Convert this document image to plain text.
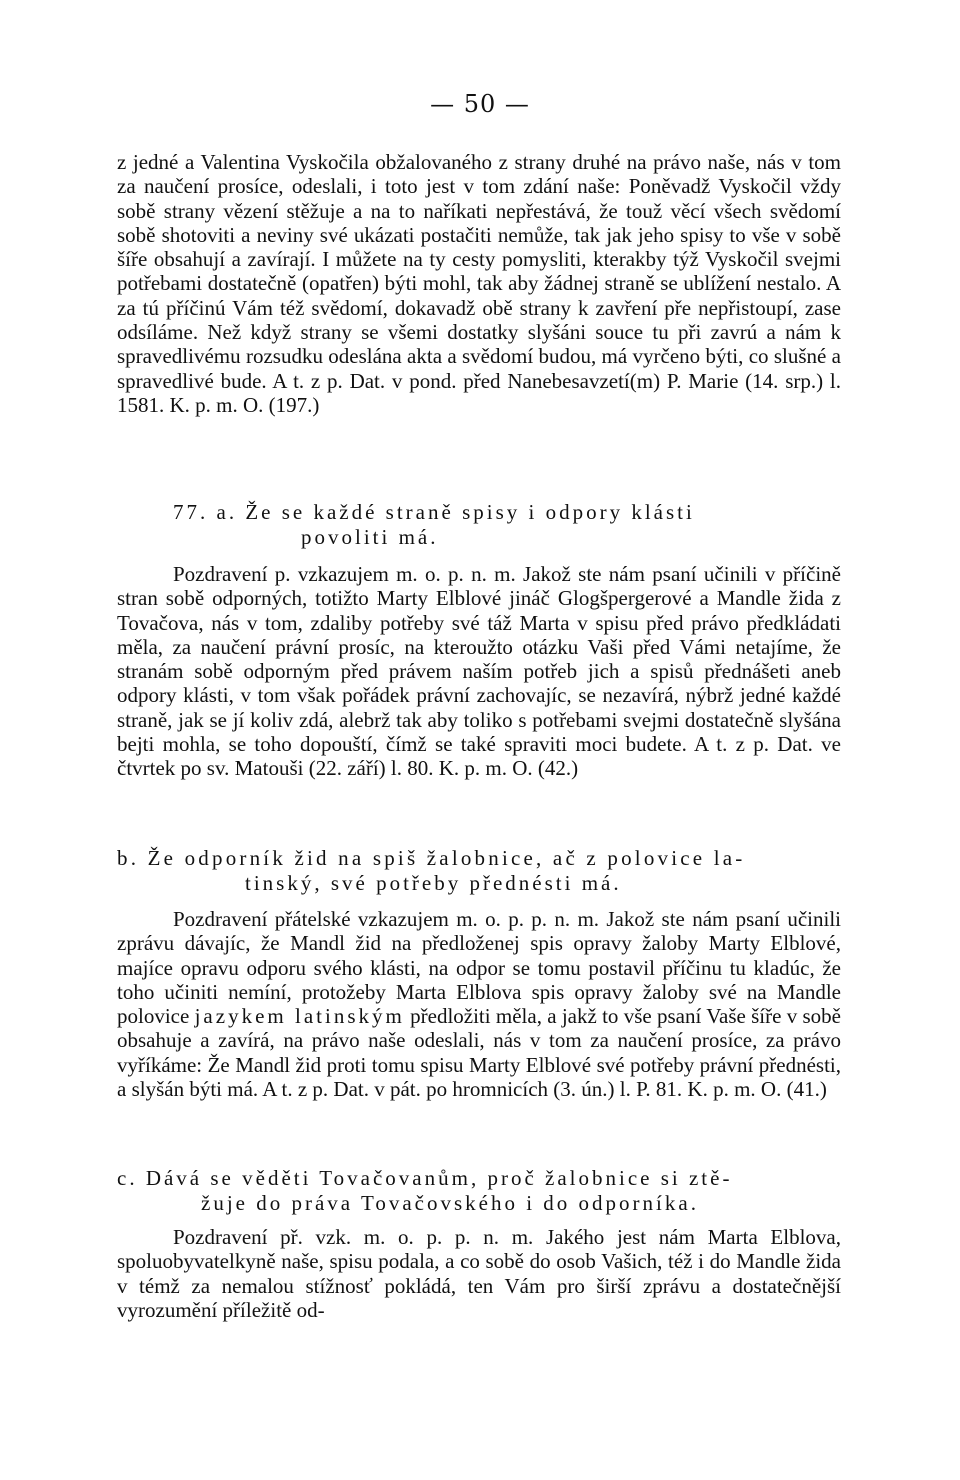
— 50 —
z jedné a Valentina Vyskočila obžalovaného z strany druhé na právo naše, nás v tom za naučení prosíce, odeslali, i toto jest v tom zdání naše: Poněvadž Vyskočil vždy sobě strany vězení stěžuje a na to naříkati nepřestává, že touž věcí všech svědomí sobě shotoviti a neviny své ukázati postačiti nemůže, tak jak jeho spisy to vše v sobě šíře obsahují a zavírají. I můžete na ty cesty pomysliti, kterakby týž Vyskočil svejmi potřebami dostatečně (opatřen) býti mohl, tak aby žádnej straně se ublížení nestalo. A za tú příčinú Vám též svědomí, dokavadž obě strany k zavření pře nepřistoupí, zase odsíláme. Než když strany se všemi dostatky slyšáni souce tu při zavrú a nám k spravedlivému rozsudku odeslána akta a svědomí budou, má vyrčeno býti, co slušné a spravedlivé bude. A t. z p. Dat. v pond. před Nanebesavzetí(m) P. Marie (14. srp.) l. 1581. K. p. m. O. (197.)
77. a. Že se každé straně spisy i odpory klásti
povoliti má.
Pozdravení p. vzkazujem m. o. p. n. m. Jakož ste nám psaní učinili v příčině stran sobě odporných, totižto Marty Elblové jináč Glogšpergerové a Mandle žida z Tovačova, nás v tom, zdaliby potřeby své táž Marta v spisu před právo předkládati měla, za naučení právní prosíc, na kteroužto otázku Vaši před Vámi netajíme, že stranám sobě odporným před právem naším potřeb jich a spisů přednášeti aneb odpory klásti, v tom však pořádek právní zachovajíc, se nezavírá, nýbrž jedné každé straně, jak se jí koliv zdá, alebrž tak aby toliko s potřebami svejmi dostatečně slyšána bejti mohla, se toho dopouští, čímž se také spraviti moci budete. A t. z p. Dat. ve čtvrtek po sv. Matouši (22. září) l. 80. K. p. m. O. (42.)
b. Že odporník žid na spiš žalobnice, ač z polovice la-
tinský, své potřeby přednésti má.
Pozdravení přátelské vzkazujem m. o. p. p. n. m. Jakož ste nám psaní učinili zprávu dávajíc, že Mandl žid na předloženej spis opravy žaloby Marty Elblové, majíce opravu odporu svého klásti, na odpor se tomu postavil příčinu tu kladúc, že toho učiniti nemíní, protožeby Marta Elblova spis opravy žaloby své na Mandle polovice jazykem latinským předložiti měla, a jakž to vše psaní Vaše šíře v sobě obsahuje a zavírá, na právo naše odeslali, nás v tom za naučení prosíce, za právo vyříkáme: Že Mandl žid proti tomu spisu Marty Elblové své potřeby právní přednésti, a slyšán býti má. A t. z p. Dat. v pát. po hromnicích (3. ún.) l. P. 81. K. p. m. O. (41.)
c. Dává se věděti Tovačovanům, proč žalobnice si ztě-
žuje do práva Tovačovského i do odporníka.
Pozdravení př. vzk. m. o. p. p. n. m. Jakého jest nám Marta Elblova, spoluobyvatelkyně naše, spisu podala, a co sobě do osob Vašich, též i do Mandle žida v témž za nemalou stížnosť pokládá, ten Vám pro širší zprávu a dostatečnější vyrozumění příležitě od-
